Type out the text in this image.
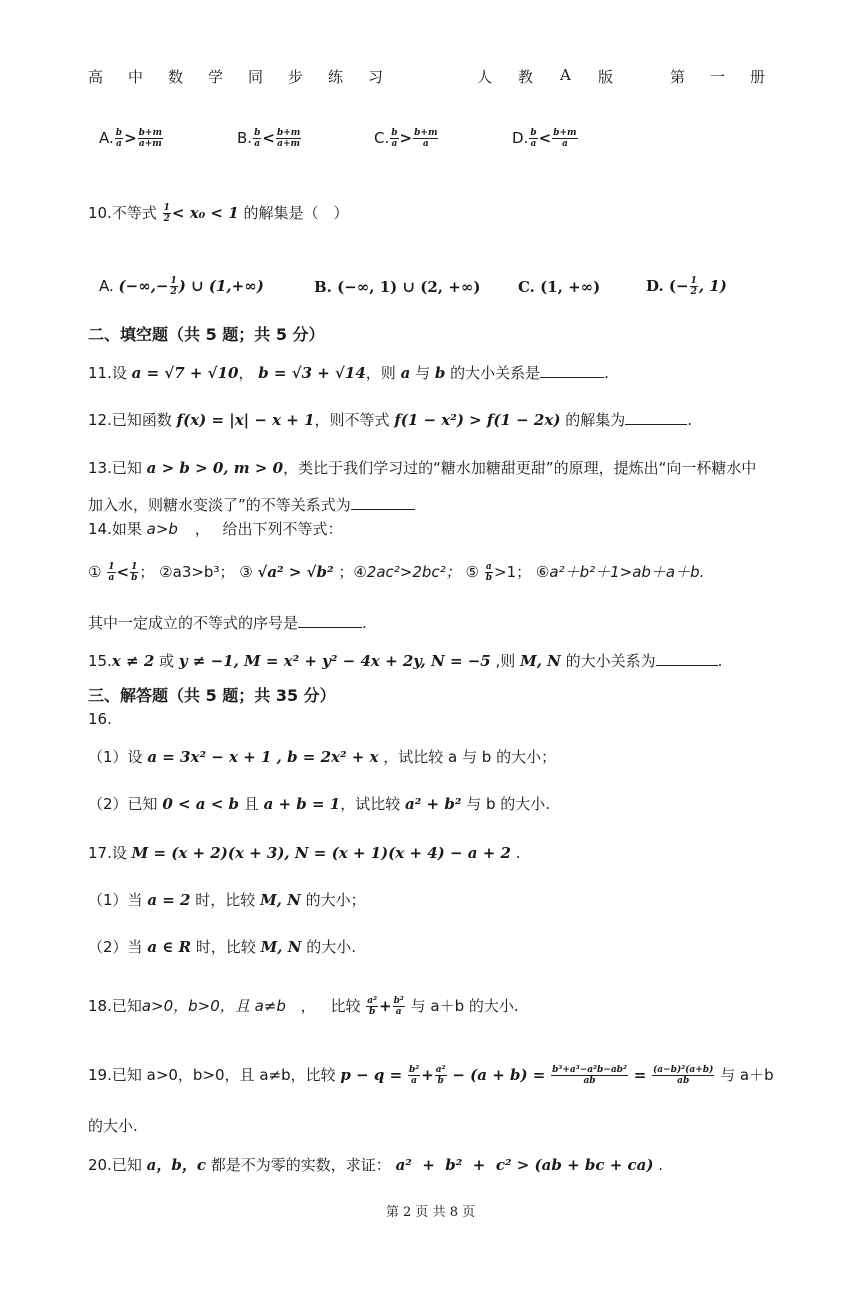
高 中 数 学 同 步 练 习	人 教 A 版	第 一 册
A. $\frac{b}{a} > \frac{b+m}{a+m}$	B. $\frac{b}{a} < \frac{b+m}{a+m}$	C. $\frac{b}{a} > \frac{b+m}{a}$	D. $\frac{b}{a} < \frac{b+m}{a}$
10.不等式 $\frac{1}{2} < x_0 < 1$ 的解集是（　）
A. (−∞,− $\frac{1}{2}$ ) ∪ (1,+∞)	B. (−∞, 1) ∪ (2, +∞)	C. (1, +∞)	D. (− $\frac{1}{2}$ , 1)
二、填空题（共 5 题；共 5 分）
11.设 a = √7 + √10， b = √3 + √14，则 a 与 b 的大小关系是	.
12.已知函数 f(x) = |x| − x + 1，则不等式 f(1 − x²) > f(1 − 2x) 的解集为	.
13.已知 a > b > 0, m > 0，类比于我们学习过的“糖水加糖甜更甜”的原理，提炼出“向一杯糖水中
加入水，则糖水变淡了”的不等关系式为
14.如果 a>b ， 给出下列不等式：
① $\frac{1}{a} < \frac{1}{b}$ ； ②a3>b³； ③ √a² > √b² ；④2ac²>2bc²； ⑤ $\frac{a}{b} >1$； ⑥a²＋b²＋1>ab＋a＋b.
其中一定成立的不等式的序号是	.
15.x ≠ 2 或 y ≠ −1, M = x² + y² − 4x + 2y, N = −5 ,则 M, N 的大小关系为	.
三、解答题（共 5 题；共 35 分）
16.
（1）设 a = 3x² − x + 1 , b = 2x² + x ，试比较 a 与 b 的大小；
（2）已知 0 < a < b 且 a + b = 1，试比较 a² + b² 与 b 的大小.
17.设 M = (x + 2)(x + 3), N = (x + 1)(x + 4) − a + 2 .
（1）当 a = 2 时，比较 M, N 的大小；
（2）当 a ∈ R 时，比较 M, N 的大小.
18.已知a>0，b>0，且 a≠b ， 比较 $\frac{\text{a²}}{b} + \frac{\text{b²}}{a}$ 与 a＋b 的大小.
19.已知 a>0，b>0，且 a≠b，比较 $p - q = \frac{\text{b²}}{a} + \frac{\text{a²}}{b} - (a + b) = \frac{\text{b³+a³−a²b−ab²}}{ab} = \frac{\text{(a−b)²(a+b)}}{ab}$ 与 a＋b
的大小.
20.已知 a，b，c 都是不为零的实数，求证： a²  +  b²  +  c² > (ab + bc + ca) .
第 2 页 共 8 页
